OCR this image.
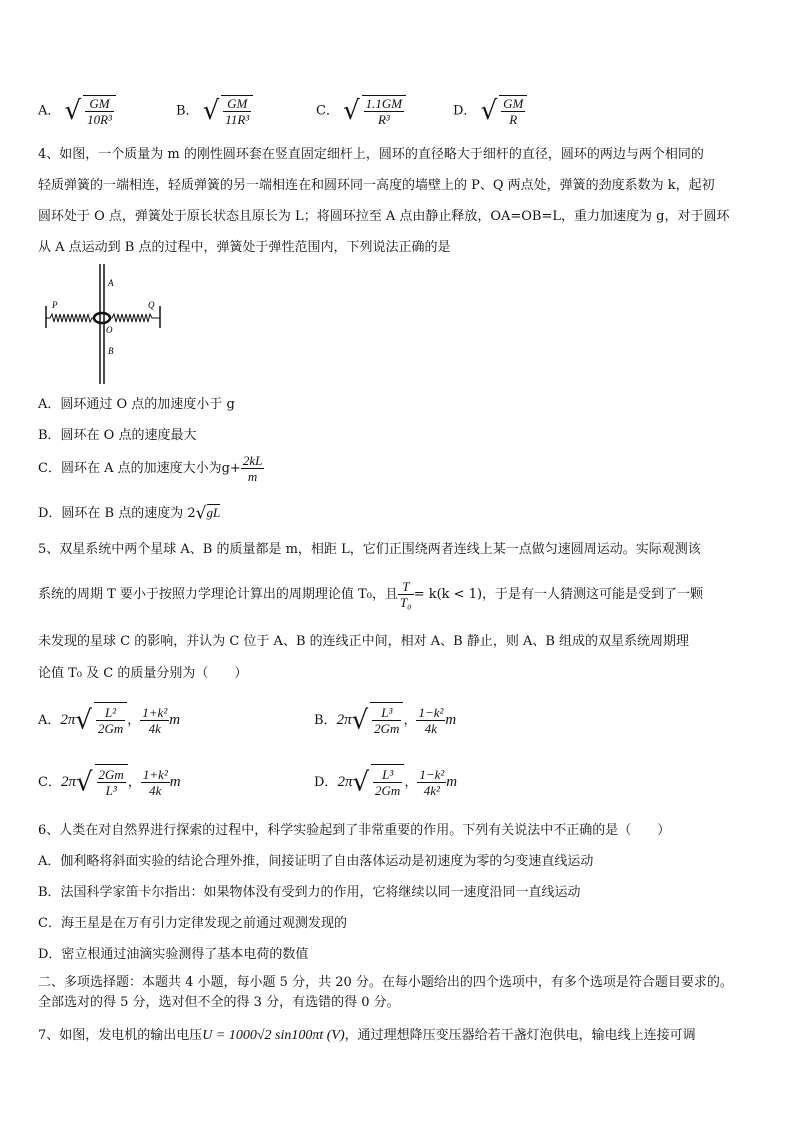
A． √ $\frac{GM}{\text{10R³}}$	B． √ $\frac{GM}{\text{11R³}}$	C． √ $\frac{1.1GM}{\text{R³}}$	D． √ $\frac{GM}{R}$
4、如图，一个质量为 m 的刚性圆环套在竖直固定细杆上，圆环的直径略大于细杆的直径，圆环的两边与两个相同的
轻质弹簧的一端相连，轻质弹簧的另一端相连在和圆环同一高度的墙壁上的 P、Q 两点处，弹簧的劲度系数为 k，起初
圆环处于 O 点，弹簧处于原长状态且原长为 L；将圆环拉至 A 点由静止释放，OA=OB=L，重力加速度为 g，对于圆环
从 A 点运动到 B 点的过程中，弹簧处于弹性范围内，下列说法正确的是
P	Q
A
O
B
A．圆环通过 O 点的加速度小于 g
B．圆环在 O 点的速度最大
C．圆环在 A 点的加速度大小为$g+ \frac{2kL}{m}$
D．圆环在 B 点的速度为 2√gL
5、双星系统中两个星球 A、B 的质量都是 m，相距 L，它们正围绕两者连线上某一点做匀速圆周运动。实际观测该
系统的周期 T 要小于按照力学理论计算出的周期理论值 T₀，且 $\frac{T}{\text{T₀}} = k(k < 1)$，于是有一人猜测这可能是受到了一颗
未发现的星球 C 的影响，并认为 C 位于 A、B 的连线正中间，相对 A、B 静止，则 A、B 组成的双星系统周期理
论值 T₀ 及 C 的质量分别为（　　）
A．$2\pi√ \frac{\text{L²}}{2Gm}$ ， $\frac{\text{1+k²}}{4k}$ m	B．$2\pi√ \frac{\text{L³}}{2Gm}$ ， $\frac{\text{1−k²}}{4k}$ m
C．$2\pi√ \frac{2Gm}{\text{L³}}$ ， $\frac{\text{1+k²}}{4k}$ m	D．$2\pi√ \frac{\text{L³}}{2Gm}$ ， $\frac{\text{1−k²}}{\text{4k²}}$ m
6、人类在对自然界进行探索的过程中，科学实验起到了非常重要的作用。下列有关说法中不正确的是（　　）
A．伽利略将斜面实验的结论合理外推，间接证明了自由落体运动是初速度为零的匀变速直线运动
B．法国科学家笛卡尔指出：如果物体没有受到力的作用，它将继续以同一速度沿同一直线运动
C．海王星是在万有引力定律发现之前通过观测发现的
D．密立根通过油滴实验测得了基本电荷的数值
二、多项选择题：本题共 4 小题，每小题 5 分，共 20 分。在每小题给出的四个选项中，有多个选项是符合题目要求的。
全部选对的得 5 分，选对但不全的得 3 分，有选错的得 0 分。
7、如图，发电机的输出电压U = 1000√2 sin100πt (V)，通过理想降压变压器给若干盏灯泡供电，输电线上连接可调
